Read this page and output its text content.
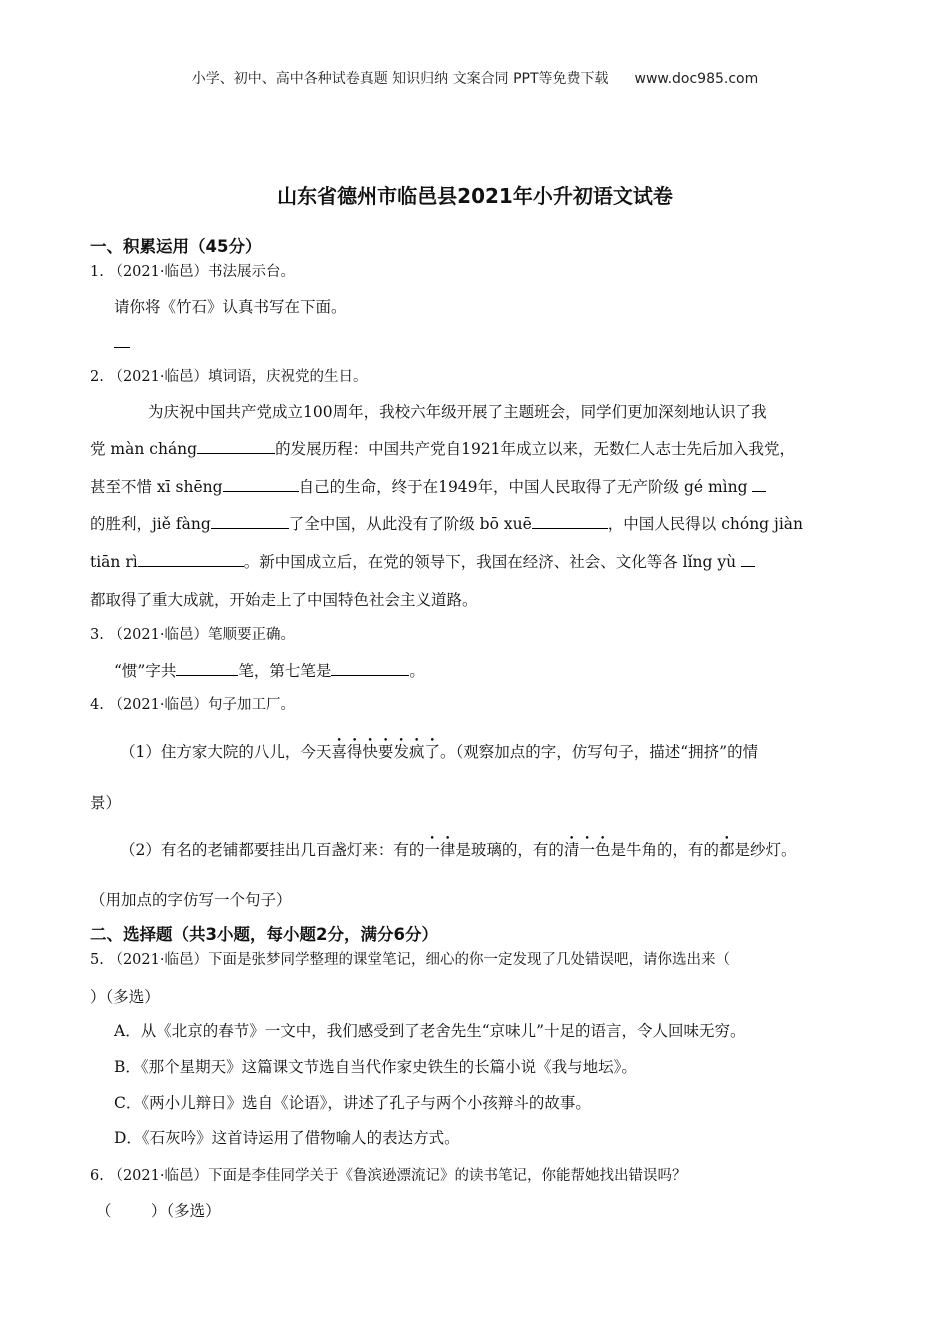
小学、初中、高中各种试卷真题 知识归纳 文案合同 PPT等免费下载 www.doc985.com
山东省德州市临邑县2021年小升初语文试卷
一、积累运用（45分）
1. （2021·临邑）书法展示台。
请你将《竹石》认真书写在下面。
2. （2021·临邑）填词语，庆祝党的生日。
为庆祝中国共产党成立100周年，我校六年级开展了主题班会，同学们更加深刻地认识了我
党 màn cháng	的发展历程：中国共产党自1921年成立以来，无数仁人志士先后加入我党，
甚至不惜 xī shēng	自己的生命，终于在1949年，中国人民取得了无产阶级 gé mìng
的胜利，jiě fàng	了全中国，从此没有了阶级 bō xuē	，中国人民得以 chóng jiàn
tiān rì	。新中国成立后，在党的领导下，我国在经济、社会、文化等各 lǐng yù
都取得了重大成就，开始走上了中国特色社会主义道路。
3. （2021·临邑）笔顺要正确。
“惯”字共	笔，第七笔是	。
4. （2021·临邑）句子加工厂。
（1）住方家大院的八儿，今天喜得快要发疯了。（观察加点的字，仿写句子，描述“拥挤”的情
景）
（2）有名的老铺都要挂出几百盏灯来：有的一律是玻璃的，有的清一色是牛角的，有的都是纱灯。
（用加点的字仿写一个句子）
二、选择题（共3小题，每小题2分，满分6分）
5. （2021·临邑）下面是张梦同学整理的课堂笔记，细心的你一定发现了几处错误吧，请你选出来（
）（多选）
A．从《北京的春节》一文中，我们感受到了老舍先生“京味儿”十足的语言，令人回味无穷。
B．《那个星期天》这篇课文节选自当代作家史铁生的长篇小说《我与地坛》。
C．《两小儿辩日》选自《论语》，讲述了孔子与两个小孩辩斗的故事。
D．《石灰吟》这首诗运用了借物喻人的表达方式。
6. （2021·临邑）下面是李佳同学关于《鲁滨逊漂流记》的读书笔记，你能帮她找出错误吗？
（        ）（多选）
